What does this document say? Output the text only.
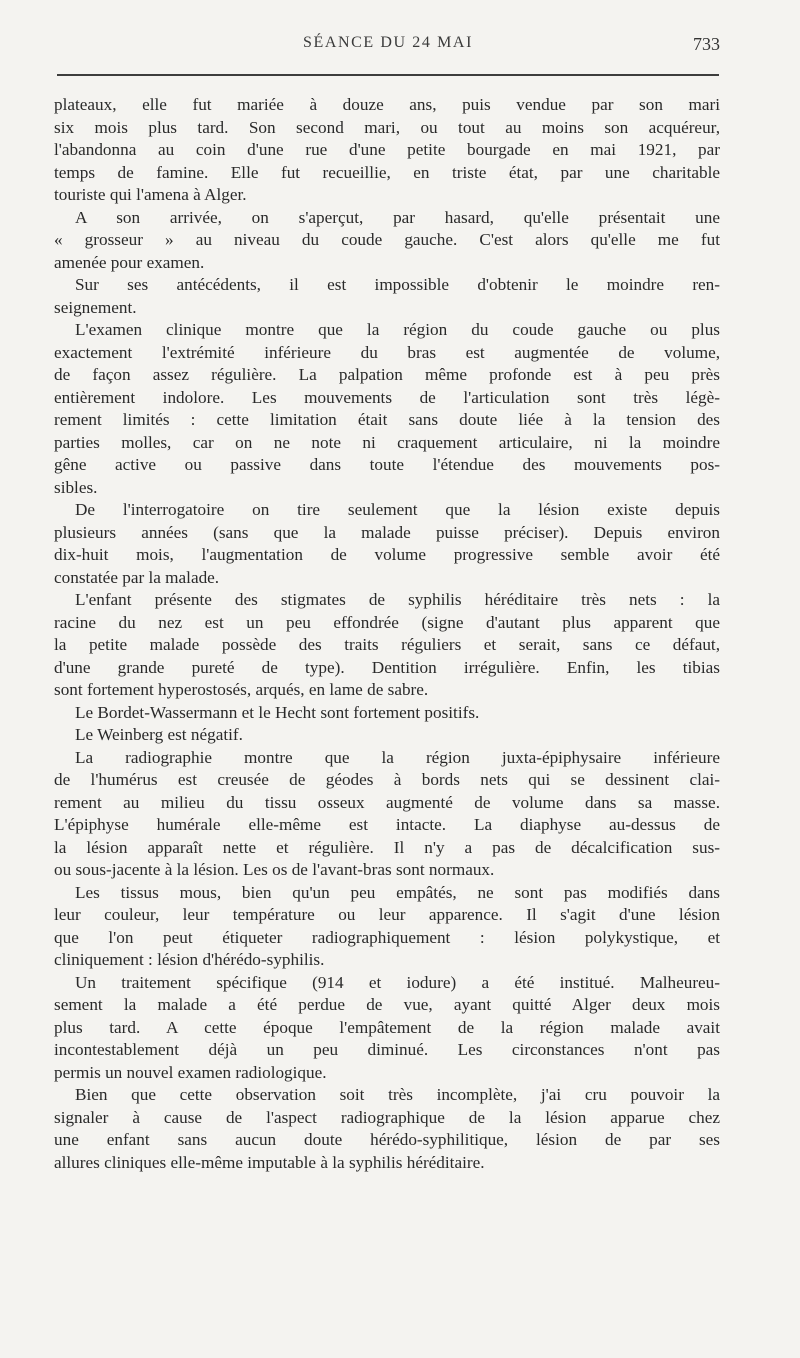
SÉANCE DU 24 MAI	733
plateaux, elle fut mariée à douze ans, puis vendue par son mari
six mois plus tard. Son second mari, ou tout au moins son acquéreur,
l'abandonna au coin d'une rue d'une petite bourgade en mai 1921, par
temps de famine. Elle fut recueillie, en triste état, par une charitable
touriste qui l'amena à Alger.
A son arrivée, on s'aperçut, par hasard, qu'elle présentait une
« grosseur » au niveau du coude gauche. C'est alors qu'elle me fut
amenée pour examen.
Sur ses antécédents, il est impossible d'obtenir le moindre ren-
seignement.
L'examen clinique montre que la région du coude gauche ou plus
exactement l'extrémité inférieure du bras est augmentée de volume,
de façon assez régulière. La palpation même profonde est à peu près
entièrement indolore. Les mouvements de l'articulation sont très légè-
rement limités : cette limitation était sans doute liée à la tension des
parties molles, car on ne note ni craquement articulaire, ni la moindre
gêne active ou passive dans toute l'étendue des mouvements pos-
sibles.
De l'interrogatoire on tire seulement que la lésion existe depuis
plusieurs années (sans que la malade puisse préciser). Depuis environ
dix-huit mois, l'augmentation de volume progressive semble avoir été
constatée par la malade.
L'enfant présente des stigmates de syphilis héréditaire très nets : la
racine du nez est un peu effondrée (signe d'autant plus apparent que
la petite malade possède des traits réguliers et serait, sans ce défaut,
d'une grande pureté de type). Dentition irrégulière. Enfin, les tibias
sont fortement hyperostosés, arqués, en lame de sabre.
Le Bordet-Wassermann et le Hecht sont fortement positifs.
Le Weinberg est négatif.
La radiographie montre que la région juxta-épiphysaire inférieure
de l'humérus est creusée de géodes à bords nets qui se dessinent clai-
rement au milieu du tissu osseux augmenté de volume dans sa masse.
L'épiphyse humérale elle-même est intacte. La diaphyse au-dessus de
la lésion apparaît nette et régulière. Il n'y a pas de décalcification sus-
ou sous-jacente à la lésion. Les os de l'avant-bras sont normaux.
Les tissus mous, bien qu'un peu empâtés, ne sont pas modifiés dans
leur couleur, leur température ou leur apparence. Il s'agit d'une lésion
que l'on peut étiqueter radiographiquement : lésion polykystique, et
cliniquement : lésion d'hérédo-syphilis.
Un traitement spécifique (914 et iodure) a été institué. Malheureu-
sement la malade a été perdue de vue, ayant quitté Alger deux mois
plus tard. A cette époque l'empâtement de la région malade avait
incontestablement déjà un peu diminué. Les circonstances n'ont pas
permis un nouvel examen radiologique.
Bien que cette observation soit très incomplète, j'ai cru pouvoir la
signaler à cause de l'aspect radiographique de la lésion apparue chez
une enfant sans aucun doute hérédo-syphilitique, lésion de par ses
allures cliniques elle-même imputable à la syphilis héréditaire.
